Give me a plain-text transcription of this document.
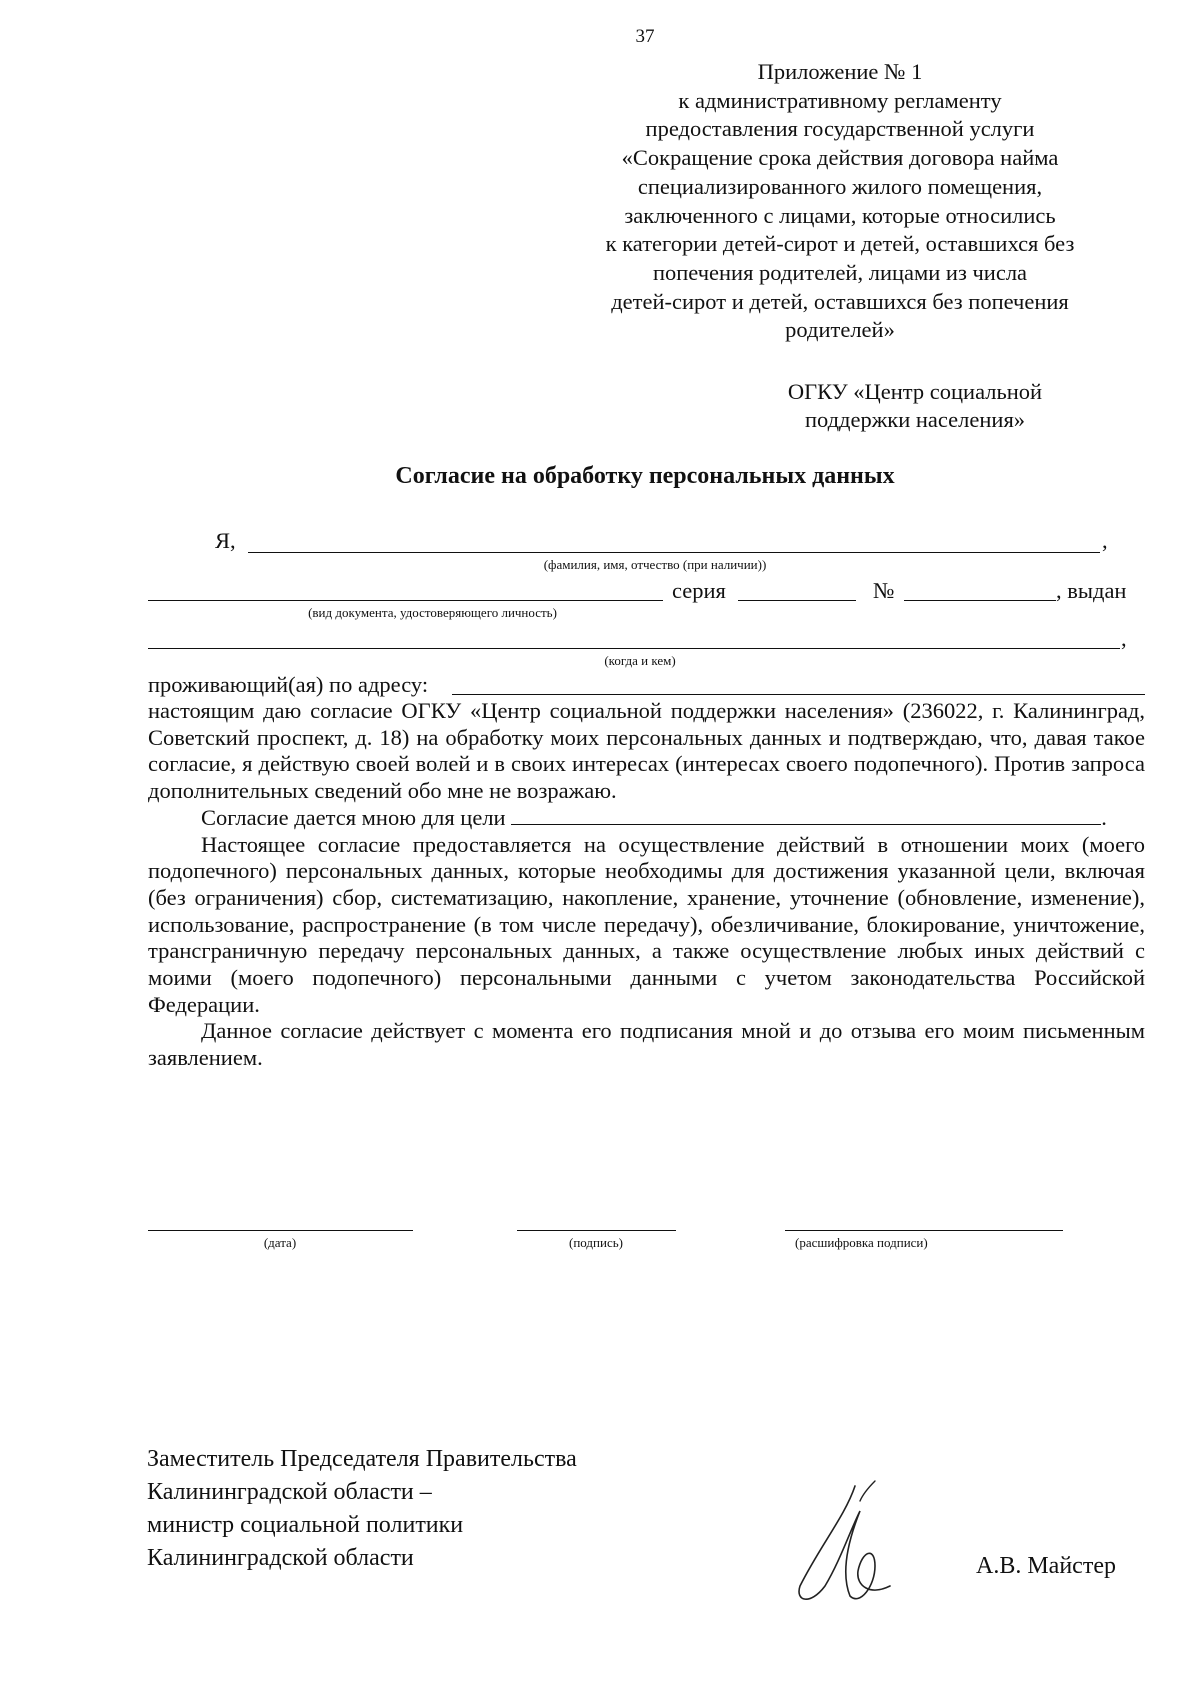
37
Приложение № 1
к административному регламенту
предоставления государственной услуги
«Сокращение срока действия договора найма
специализированного жилого помещения,
заключенного с лицами, которые относились
к категории детей-сирот и детей, оставшихся без
попечения родителей, лицами из числа
детей-сирот и детей, оставшихся без попечения
родителей»
ОГКУ «Центр социальной
поддержки населения»
Согласие на обработку персональных данных
Я,	,
(фамилия, имя, отчество (при наличии))
серия	№	, выдан
(вид документа, удостоверяющего личность)
,
(когда и кем)
проживающий(ая) по адресу:

настоящим даю согласие ОГКУ «Центр социальной поддержки населения» (236022, г. Калининград, Советский проспект, д. 18) на обработку моих персональных данных и подтверждаю, что, давая такое согласие, я действую своей волей и в своих интересах (интересах своего подопечного). Против запроса дополнительных сведений обо мне не возражаю.

Согласие дается мною для цели	.

Настоящее согласие предоставляется на осуществление действий в отношении моих (моего подопечного) персональных данных, которые необходимы для достижения указанной цели, включая (без ограничения) сбор, систематизацию, накопление, хранение, уточнение (обновление, изменение), использование, распространение (в том числе передачу), обезличивание, блокирование, уничтожение, трансграничную передачу персональных данных, а также осуществление любых иных действий с моими (моего подопечного) персональными данными с учетом законодательства Российской Федерации.

Данное согласие действует с момента его подписания мной и до отзыва его моим письменным заявлением.

(дата)	(подпись)	(расшифровка подписи)
Заместитель Председателя Правительства
Калининградской области –
министр социальной политики
Калининградской области	А.В. Майстер
